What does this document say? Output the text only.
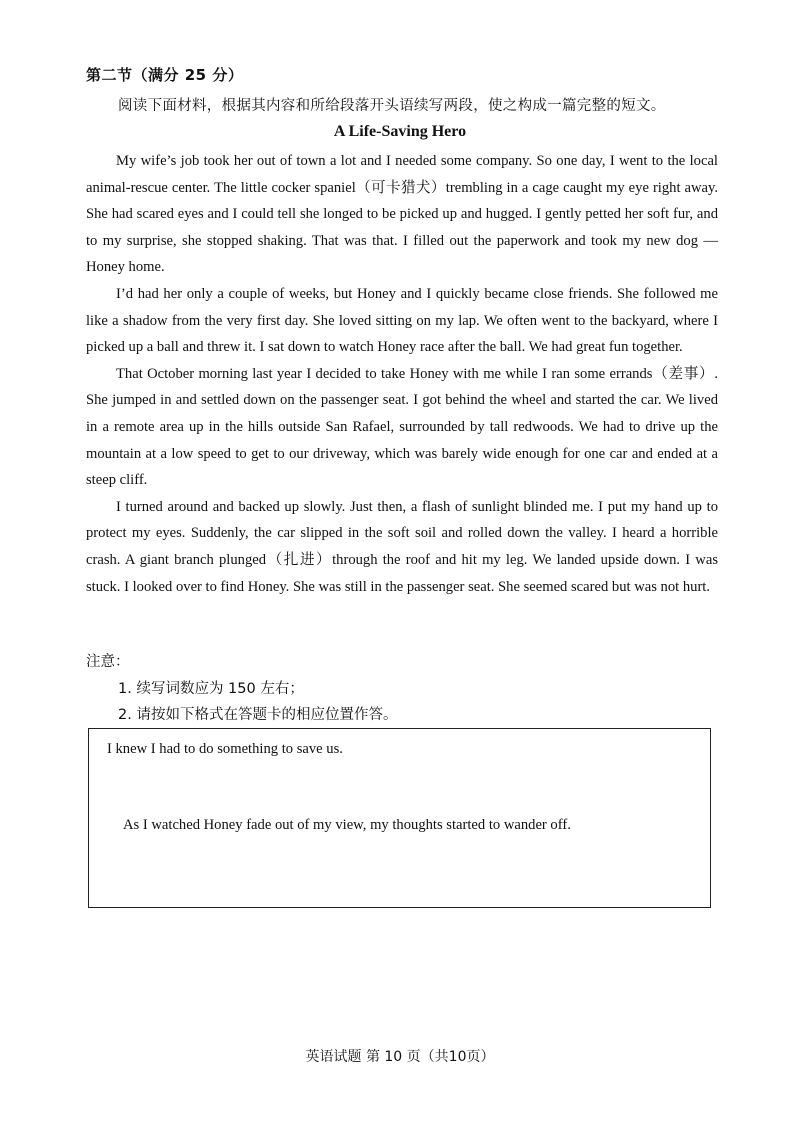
第二节（满分 25 分）
阅读下面材料，根据其内容和所给段落开头语续写两段，使之构成一篇完整的短文。
A Life-Saving Hero

My wife’s job took her out of town a lot and I needed some company. So one day, I went to the local animal-rescue center. The little cocker spaniel（可卡猎犬）trembling in a cage caught my eye right away. She had scared eyes and I could tell she longed to be picked up and hugged. I gently petted her soft fur, and to my surprise, she stopped shaking. That was that. I filled out the paperwork and took my new dog — Honey home.

I’d had her only a couple of weeks, but Honey and I quickly became close friends. She followed me like a shadow from the very first day. She loved sitting on my lap. We often went to the backyard, where I picked up a ball and threw it. I sat down to watch Honey race after the ball. We had great fun together.

That October morning last year I decided to take Honey with me while I ran some errands（差事）. She jumped in and settled down on the passenger seat. I got behind the wheel and started the car. We lived in a remote area up in the hills outside San Rafael, surrounded by tall redwoods. We had to drive up the mountain at a low speed to get to our driveway, which was barely wide enough for one car and ended at a steep cliff.

I turned around and backed up slowly. Just then, a flash of sunlight blinded me. I put my hand up to protect my eyes. Suddenly, the car slipped in the soft soil and rolled down the valley. I heard a horrible crash. A giant branch plunged（扎进）through the roof and hit my leg. We landed upside down. I was stuck. I looked over to find Honey. She was still in the passenger seat. She seemed scared but was not hurt.

注意：
1. 续写词数应为 150 左右；
2. 请按如下格式在答题卡的相应位置作答。
I knew I had to do something to save us.
As I watched Honey fade out of my view, my thoughts started to wander off.
英语试题 第 10 页（共10页）
